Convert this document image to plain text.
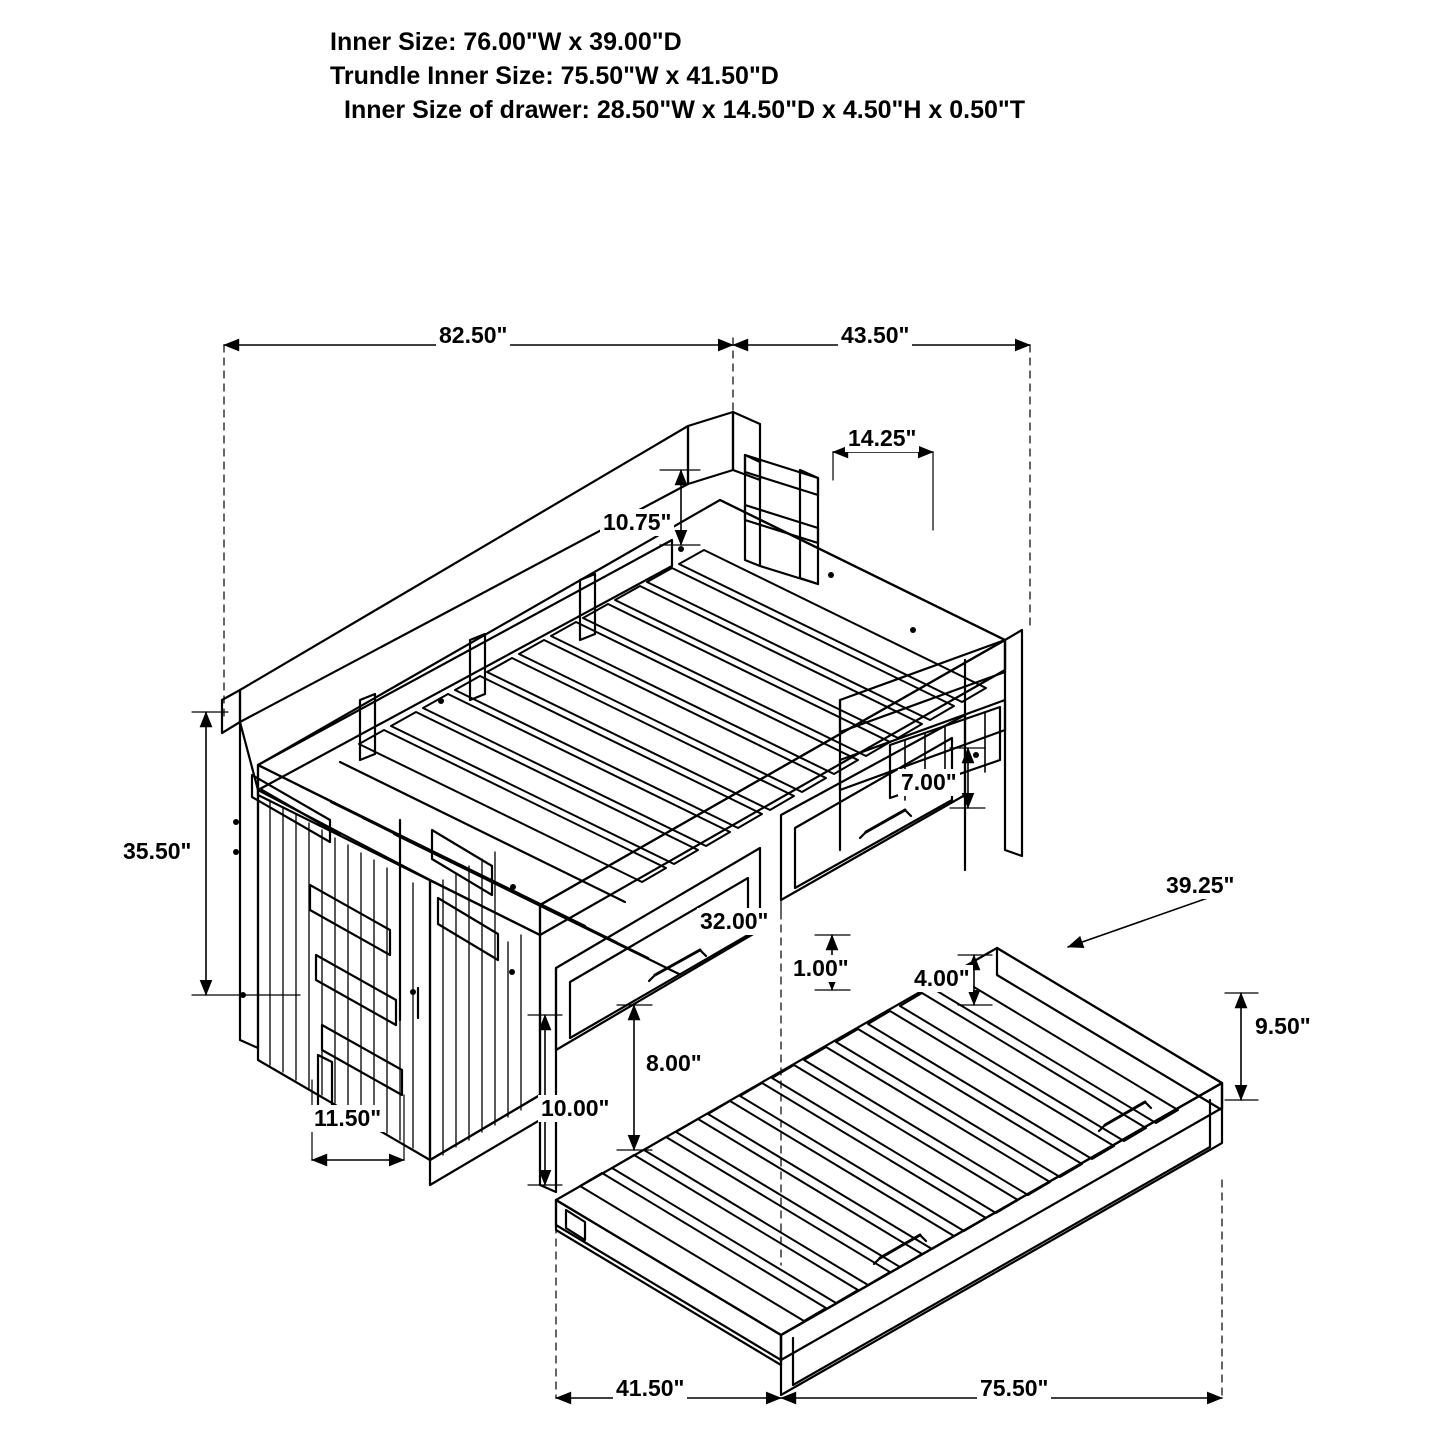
Inner Size: 76.00"W x 39.00"D
Trundle Inner Size: 75.50"W x 41.50"D
Inner Size of drawer: 28.50"W x 14.50"D x 4.50"H x 0.50"T
82.50"	43.50"
14.25"
10.75"
35.50"
7.00"
39.25"
32.00"
1.00"	4.00"
9.50"
8.00"
10.00"
11.50"
41.50"	75.50"
